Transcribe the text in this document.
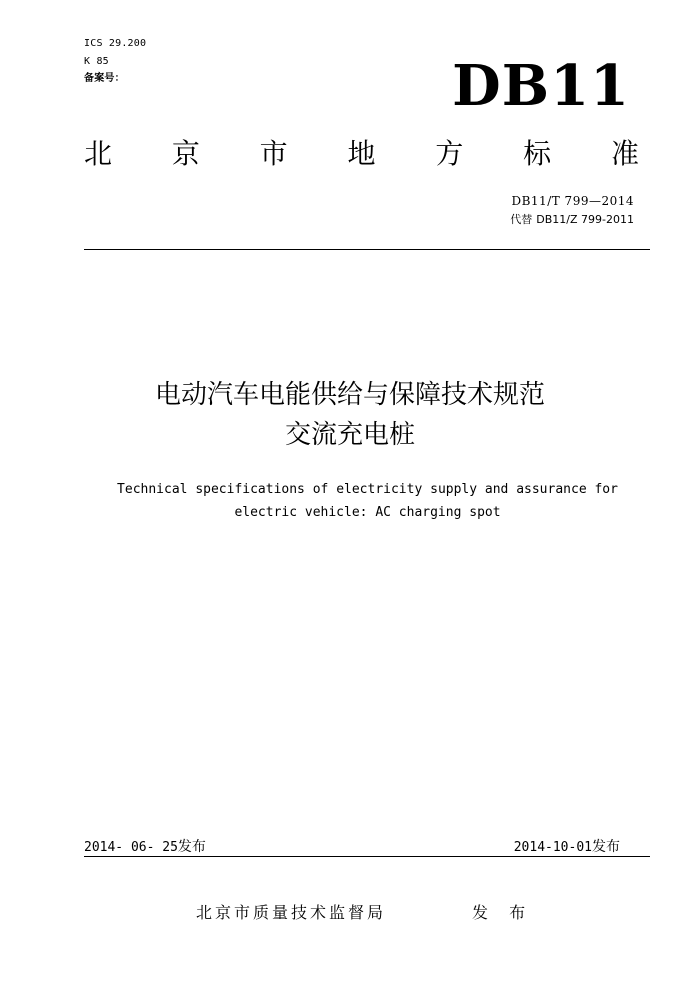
ICS 29.200
K 85
备案号：	DB11
北 京 市 地 方 标 准
DB11/T 799—2014
代替 DB11/Z 799-2011
电动汽车电能供给与保障技术规范
交流充电桩
Technical specifications of electricity supply and assurance for
electric vehicle: AC charging spot
2014- 06- 25发布	2014-10-01发布
北京市质量技术监督局	发 布
